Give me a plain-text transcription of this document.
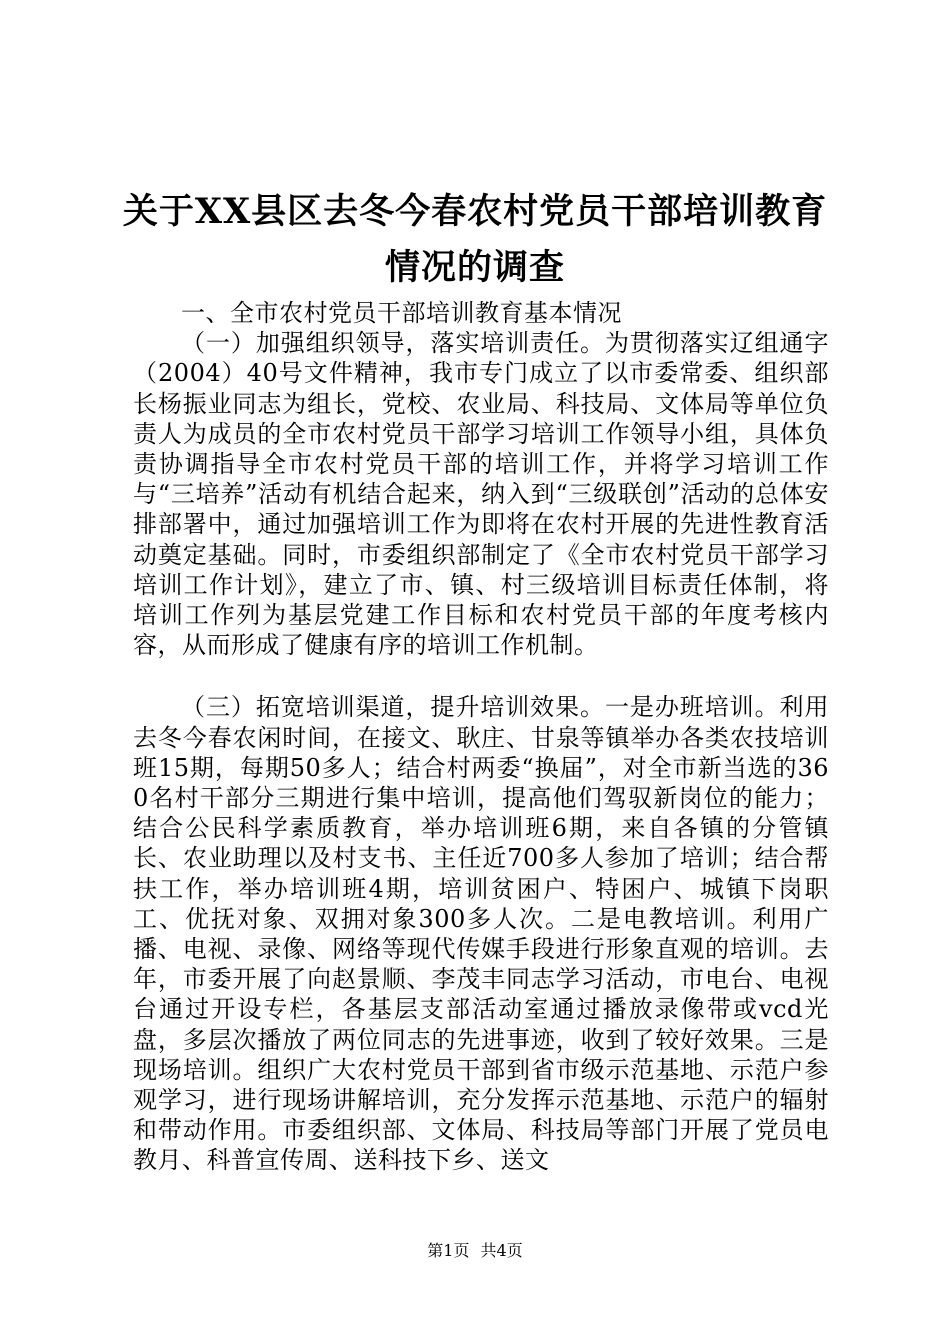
关于XX县区去冬今春农村党员干部培训教育
情况的调查

一、全市农村党员干部培训教育基本情况

（一）加强组织领导，落实培训责任。为贯彻落实辽组通字（2004）40号文件精神，我市专门成立了以市委常委、组织部长杨振业同志为组长，党校、农业局、科技局、文体局等单位负责人为成员的全市农村党员干部学习培训工作领导小组，具体负责协调指导全市农村党员干部的培训工作，并将学习培训工作与“三培养”活动有机结合起来，纳入到“三级联创”活动的总体安排部署中，通过加强培训工作为即将在农村开展的先进性教育活动奠定基础。同时，市委组织部制定了《全市农村党员干部学习培训工作计划》，建立了市、镇、村三级培训目标责任体制，将培训工作列为基层党建工作目标和农村党员干部的年度考核内容，从而形成了健康有序的培训工作机制。

（三）拓宽培训渠道，提升培训效果。一是办班培训。利用去冬今春农闲时间，在接文、耿庄、甘泉等镇举办各类农技培训班15期，每期50多人；结合村两委“换届”，对全市新当选的360名村干部分三期进行集中培训，提高他们驾驭新岗位的能力；结合公民科学素质教育，举办培训班6期，来自各镇的分管镇长、农业助理以及村支书、主任近700多人参加了培训；结合帮扶工作，举办培训班4期，培训贫困户、特困户、城镇下岗职工、优抚对象、双拥对象300多人次。二是电教培训。利用广播、电视、录像、网络等现代传媒手段进行形象直观的培训。去年，市委开展了向赵景顺、李茂丰同志学习活动，市电台、电视台通过开设专栏，各基层支部活动室通过播放录像带或vcd光盘，多层次播放了两位同志的先进事迹，收到了较好效果。三是现场培训。组织广大农村党员干部到省市级示范基地、示范户参观学习，进行现场讲解培训，充分发挥示范基地、示范户的辐射和带动作用。市委组织部、文体局、科技局等部门开展了党员电教月、科普宣传周、送科技下乡、送文

第1页 共4页
